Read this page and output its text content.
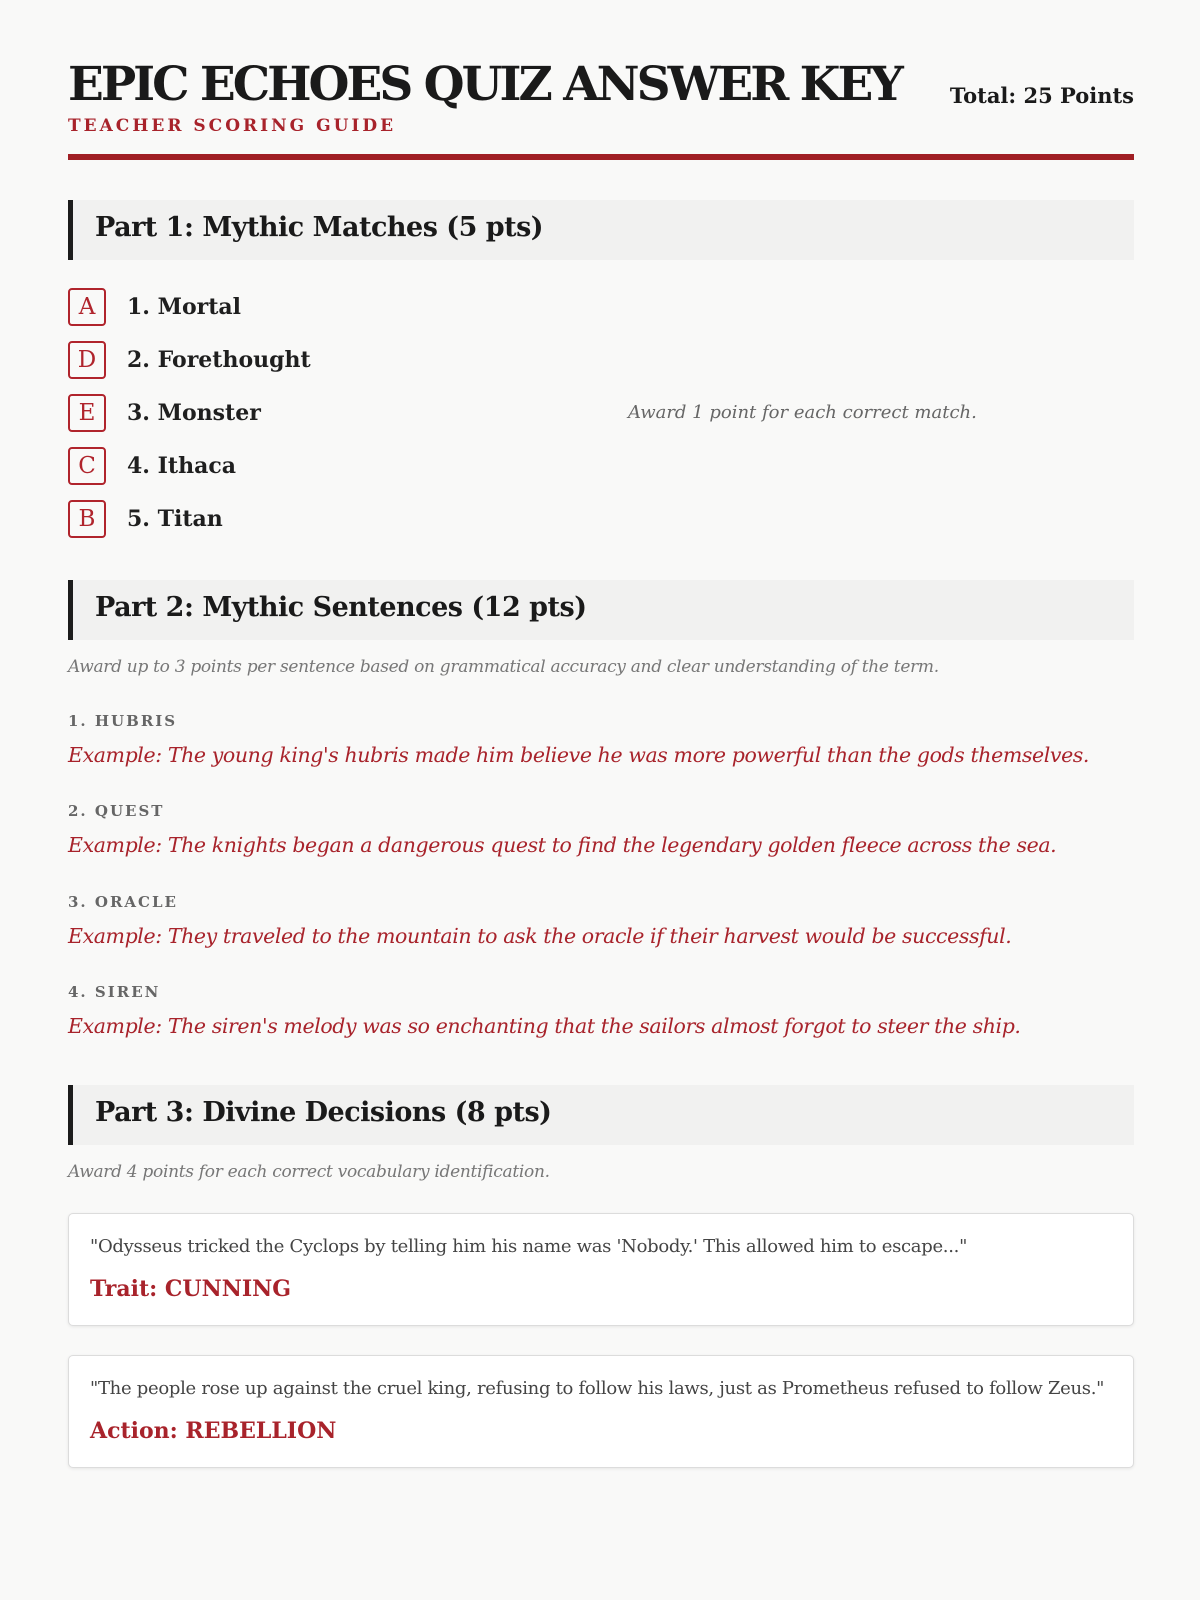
EPIC ECHOES QUIZ ANSWER KEY
TEACHER SCORING GUIDE
Total: 25 Points
Part 1: Mythic Matches (5 pts)
A	1. Mortal
D	2. Forethought
E	3. Monster
C	4. Ithaca
B	5. Titan
Award 1 point for each correct match.
Part 2: Mythic Sentences (12 pts)
Award up to 3 points per sentence based on grammatical accuracy and clear understanding of the term.
1. HUBRIS
Example: The young king's hubris made him believe he was more powerful than the gods themselves.
2. QUEST
Example: The knights began a dangerous quest to find the legendary golden fleece across the sea.
3. ORACLE
Example: They traveled to the mountain to ask the oracle if their harvest would be successful.
4. SIREN
Example: The siren's melody was so enchanting that the sailors almost forgot to steer the ship.
Part 3: Divine Decisions (8 pts)
Award 4 points for each correct vocabulary identification.
"Odysseus tricked the Cyclops by telling him his name was 'Nobody.' This allowed him to escape..."
Trait: CUNNING
"The people rose up against the cruel king, refusing to follow his laws, just as Prometheus refused to follow Zeus."
Action: REBELLION
